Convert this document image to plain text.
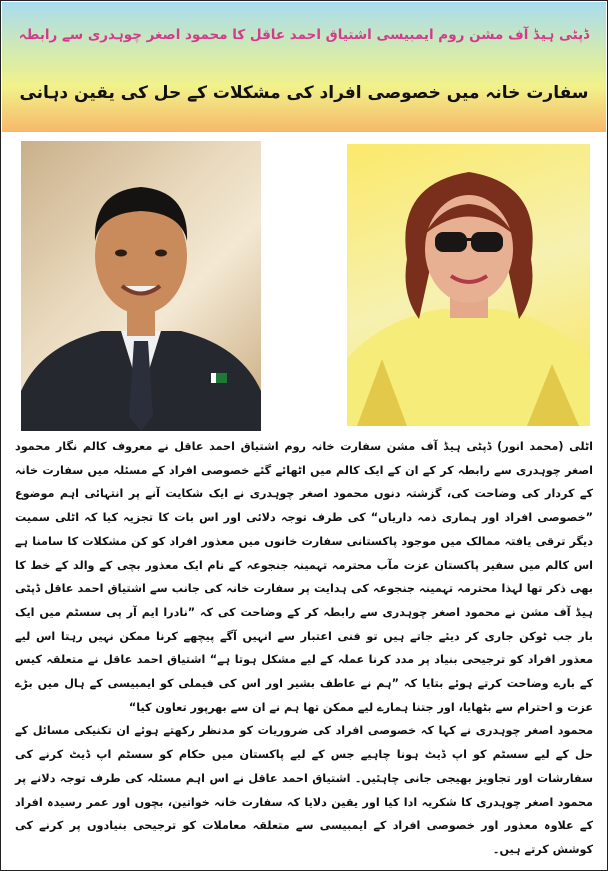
ڈپٹی ہیڈ آف مشن روم ایمبیسی اشتیاق احمد عاقل کا محمود اصغر چوہدری سے رابطہ
سفارت خانہ میں خصوصی افراد کی مشکلات کے حل کی یقین دہانی

اٹلی (محمد انور) ڈپٹی ہیڈ آف مشن سفارت خانہ روم اشتیاق احمد عاقل نے معروف کالم نگار محمود اصغر چوہدری سے رابطہ کر کے ان کے ایک کالم میں اٹھائے گئے خصوصی افراد کے مسئلہ میں سفارت خانہ کے کردار کی وضاحت کی، گزشتہ دنوں محمود اصغر چوہدری نے ایک شکایت آنے پر انتہائی اہم موضوع ”خصوصی افراد اور ہماری ذمہ داریاں“ کی طرف توجہ دلائی اور اس بات کا تجزیہ کیا کہ اٹلی سمیت دیگر ترقی یافتہ ممالک میں موجود پاکستانی سفارت خانوں میں معذور افراد کو کن مشکلات کا سامنا ہے اس کالم میں سفیر پاکستان عزت مآب محترمہ تہمینہ جنجوعہ کے نام ایک معذور بچی کے والد کے خط کا بھی ذکر تھا لہذا محترمہ تہمینہ جنجوعہ کی ہدایت پر سفارت خانہ کی جانب سے اشتیاق احمد عاقل ڈپٹی ہیڈ آف مشن نے محمود اصغر چوہدری سے رابطہ کر کے وضاحت کی کہ ”نادرا ایم آر پی سسٹم میں ایک بار جب ٹوکن جاری کر دیئے جاتے ہیں تو فنی اعتبار سے انہیں آگے پیچھے کرنا ممکن نہیں رہتا اس لیے معذور افراد کو ترجیحی بنیاد پر مدد کرنا عملہ کے لیے مشکل ہوتا ہے“ اشتیاق احمد عاقل نے متعلقہ کیس کے بارے وضاحت کرتے ہوئے بتایا کہ ”ہم نے عاطف بشیر اور اس کی فیملی کو ایمبیسی کے ہال میں بڑے عزت و احترام سے بٹھایا، اور جتنا ہمارے لیے ممکن تھا ہم نے ان سے بھرپور تعاون کیا“

محمود اصغر چوہدری نے کہا کہ خصوصی افراد کی ضروریات کو مدنظر رکھتے ہوئے ان تکنیکی مسائل کے حل کے لیے سسٹم کو اپ ڈیٹ ہونا چاہیے جس کے لیے پاکستان میں حکام کو سسٹم اپ ڈیٹ کرنے کی سفارشات اور تجاویز بھیجی جانی چاہئیں۔ اشتیاق احمد عاقل نے اس اہم مسئلہ کی طرف توجہ دلانے پر محمود اصغر چوہدری کا شکریہ ادا کیا اور یقین دلایا کہ سفارت خانہ خواتین، بچوں اور عمر رسیدہ افراد کے علاوہ معذور اور خصوصی افراد کے ایمبیسی سے متعلقہ معاملات کو ترجیحی بنیادوں پر کرنے کی کوشش کرتے ہیں۔
